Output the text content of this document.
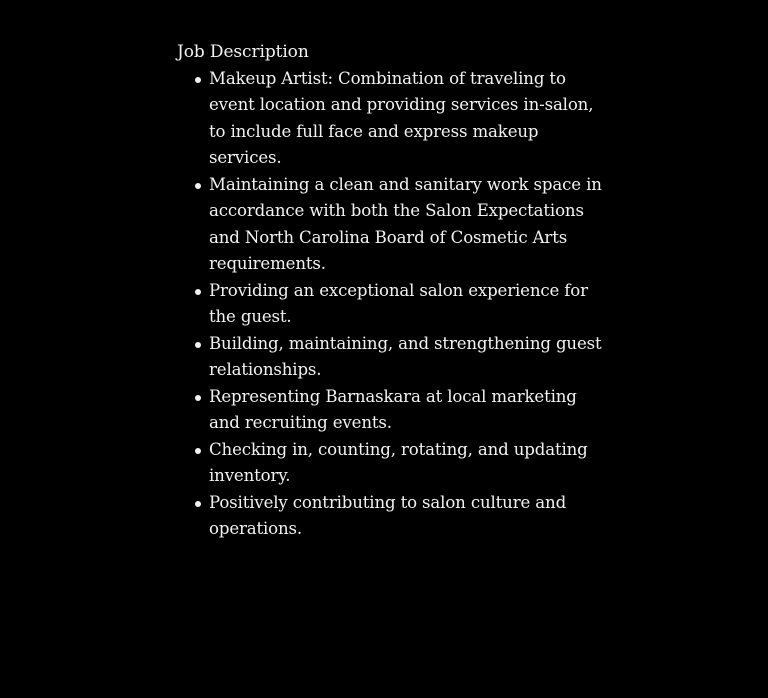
Job Description

Makeup Artist: Combination of traveling to event location and providing services in-salon, to include full face and express makeup services.
Maintaining a clean and sanitary work space in accordance with both the Salon Expectations and North Carolina Board of Cosmetic Arts requirements.
Providing an exceptional salon experience for the guest.
Building, maintaining, and strengthening guest relationships.
Representing Barnaskara at local marketing and recruiting events.
Checking in, counting, rotating, and updating inventory.
Positively contributing to salon culture and operations.
